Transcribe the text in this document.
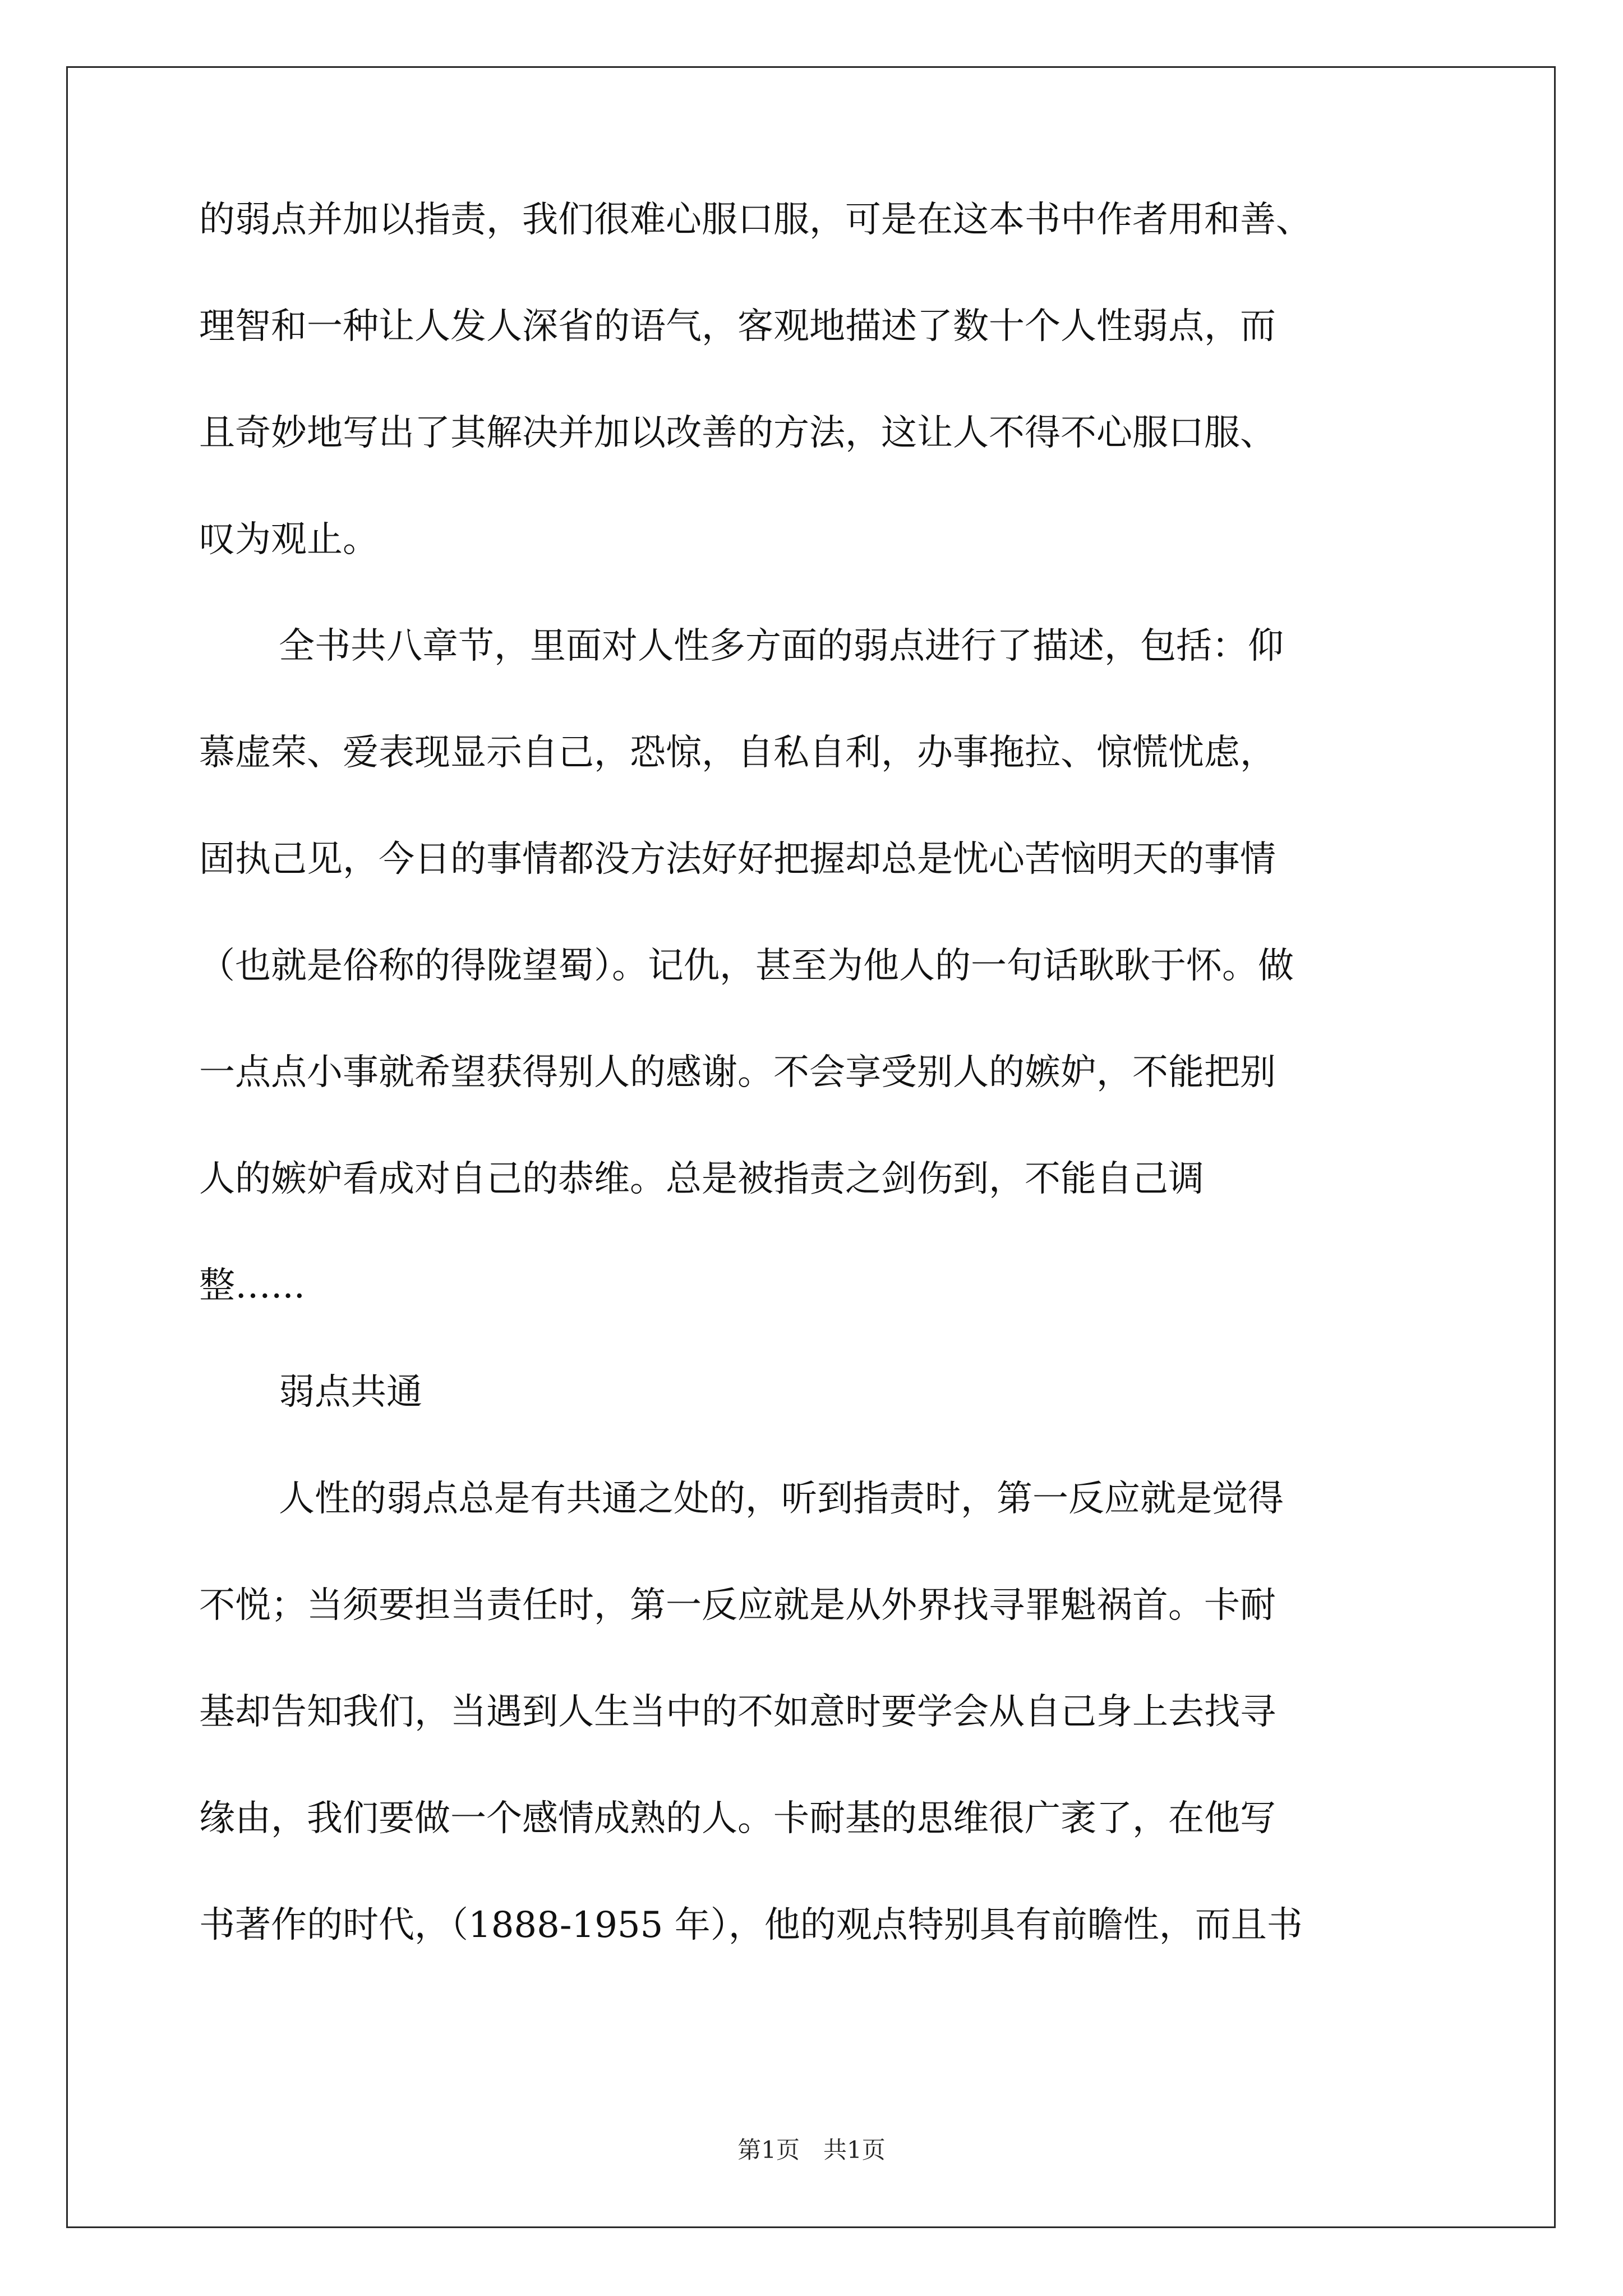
的弱点并加以指责，我们很难心服口服，可是在这本书中作者用和善、
理智和一种让人发人深省的语气，客观地描述了数十个人性弱点，而
且奇妙地写出了其解决并加以改善的方法，这让人不得不心服口服、
叹为观止。
全书共八章节，里面对人性多方面的弱点进行了描述，包括：仰
慕虚荣、爱表现显示自己，恐惊，自私自利，办事拖拉、惊慌忧虑，
固执己见，今日的事情都没方法好好把握却总是忧心苦恼明天的事情
（也就是俗称的得陇望蜀）。记仇，甚至为他人的一句话耿耿于怀。做
一点点小事就希望获得别人的感谢。不会享受别人的嫉妒，不能把别
人的嫉妒看成对自己的恭维。总是被指责之剑伤到，不能自己调
整…...
弱点共通
人性的弱点总是有共通之处的，听到指责时，第一反应就是觉得
不悦；当须要担当责任时，第一反应就是从外界找寻罪魁祸首。卡耐
基却告知我们，当遇到人生当中的不如意时要学会从自己身上去找寻
缘由，我们要做一个感情成熟的人。卡耐基的思维很广袤了，在他写
书著作的时代，（1888-1955 年），他的观点特别具有前瞻性，而且书
第1页　共1页
